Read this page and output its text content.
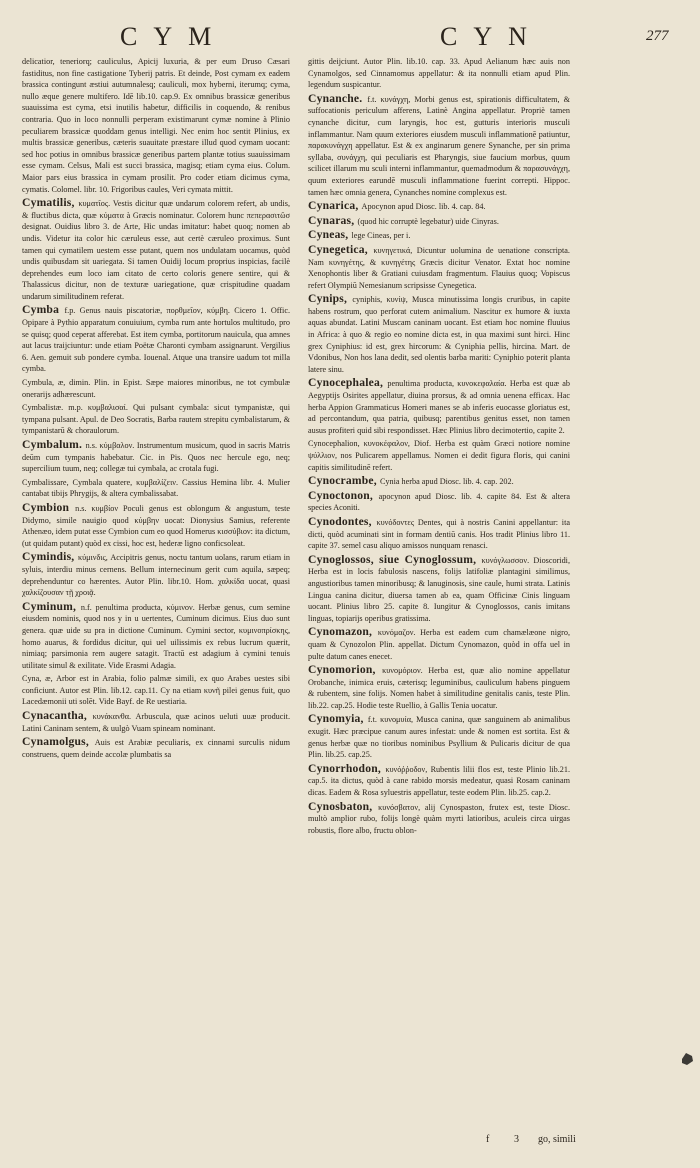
CYM	CYN	277

delicatior, teneriorq; cauliculus, Apicij luxuria, & per eum Druso Cæsari fastiditus, non fine castigatione Tyberij patris. Et deinde, Post cymam ex eadem brassica contingunt æstiui autumnalesq; cauliculi, mox hyberni, iterumq; cyma, nullo æque genere multifero. Idē lib.10. cap.9. Ex omnibus brassicæ generibus suauissima est cyma, etsi inutilis habetur, difficilis in coquendo, & renibus contraria. Quo in loco nonnulli perperam existimarunt cymæ nomine à Plinio peculiarem brassicæ quoddam genus intelligi. Nec enim hoc sentit Plinius, ex multis brassicæ generibus, cæteris suauitate præstare illud quod cymam uocant: sed hoc potius in omnibus brassicæ generibus partem plantæ totius suauissimam esse cymam. Celsus, Mali est succi brassica, magisq; etiam cyma eius. Colum. Maior pars eius brassica in cymam prosilit. Pro coder etiam dicimus cyma, cymatis. Colomel. libr. 10. Frigoribus caules, Veri cymata mittit.

Cymatilis, κυματῖος. Vestis dicitur quæ undarum colorem refert, ab undis, & fluctibus dicta, quæ κύματα à Græcis nominatur. Colorem hunc πεπερασιτῶσ designat. Ouidius libro 3. de Arte, Hic undas imitatur: habet quoq; nomen ab undis. Videtur ita color hic cæruleus esse, aut certè cæruleo proximus. Sunt tamen qui cymatilem uestem esse putant, quem nos undulatam uocamus, quòd undis quibusdam sit uariegata. Si tamen Ouidij locum proprius inspicias, facilè deprehendes eum loco iam citato de certo coloris genere sentire, qui & Thalassicus dicitur, non de texturæ uariegatione, quæ crispitudine quadam undarum similitudinem referat.

Cymba f.p. Genus nauis piscatoriæ, πορθμεῖον, κύμβη. Cicero 1. Offic. Opipare à Pythio apparatum conuiuium, cymba rum ante hortulos multitudo, pro se quisq; quod ceperat afferebat. Est item cymba, portitorum nauicula, qua amnes aut lacus traijciuntur: unde etiam Poëtæ Charonti cymbam assignarunt. Vergilius 6. Aen. gemuit sub pondere cymba. Iouenal. Atque una transire uadum tot milla cymba.

Cymbula, æ, dimin. Plin. in Epist. Sæpe maiores minoribus, ne tot cymbulæ onerarijs adhærescunt.

Cymbalistæ. m.p. κυμβαλισαί. Qui pulsant cymbala: sicut tympanistæ, qui tympana pulsant. Apul. de Deo Socratis, Barba rautem strepitu cymbalistarum, & tympanistarū & choraulorum.

Cymbalum. n.s. κύμβαλον. Instrumentum musicum, quod in sacris Matris deūm cum tympanis habebatur. Cic. in Pis. Quos nec hercule ego, neq; supercilium tuum, neq; collegæ tui cymbala, ac crotala fugi.

Cymbalissare, Cymbala quatere, κυμβαλίζειν. Cassius Hemina libr. 4. Mulier cantabat tibijs Phrygijs, & altera cymbalissabat.

Cymbion n.s. κυμβίον Poculi genus est oblongum & angustum, teste Didymo, simile nauigio quod κύμβην uocat: Dionysius Samius, referente Athenæo, idem putat esse Cymbion cum eo quod Homerus κισσύβιον: ita dictum, (ut quidam putant) quòd ex cissi, hoc est, hederæ ligno conficsoleat.

Cymindis, κύμινδις, Accipitris genus, noctu tantum uolans, rarum etiam in syluis, interdiu minus cernens. Bellum internecinum gerit cum aquila, sæpeq; deprehenduntur co hærentes. Autor Plin. libr.10. Hom. χαλκίδα uocat, quasi χαλκίζουσαν τῇ χροιᾷ.

Cyminum, n.f. penultima producta, κύμινον. Herbæ genus, cum semine eiusdem nominis, quod nos y in u uertentes, Cuminum dicimus. Eius duo sunt genera. quæ uide su pra in dictione Cuminum. Cymini sector, κυμινοπρίσκης, homo auarus, & fordidus dicitur, qui uel uilissimis ex rebus lucrum quærit, nimiaq; parsimonia rem augere satagit. Tractū est adagium à cymini tenuis utilitate simul & exilitate. Vide Erasmi Adagia.

Cyna, æ, Arbor est in Arabia, folio palmæ simili, ex quo Arabes uestes sibi conficiunt. Autor est Plin. lib.12. cap.11. Cy na etiam κυνῆ pilei genus fuit, quo Lacedæmonii uti solēt. Vide Bayf. de Re uestiaria.

Cynacantha, κυνάκανθα. Arbuscula, quæ acinos ueluti uuæ producit. Latini Caninam sentem, & uulgò Vuam spineam nominant.

Cynamolgus, Auis est Arabiæ peculiaris, ex cinnami surculis nidum construens, quem deinde accolæ plumbatis sa

gittis deijciunt. Autor Plin. lib.10. cap. 33. Apud Aelianum hæc auis non Cynamolgos, sed Cinnamomus appellatur: & ita nonnulli etiam apud Plin. legendum suspicantur.

Cynanche. f.t. κυνάγχη, Morbi genus est, spirationis difficultatem, & suffocationis periculum afferens, Latinè Angina appellatur. Propriè tamen cynanche dicitur, cum laryngis, hoc est, gutturis interioris musculi inflammantur. Nam quum exteriores eiusdem musculi inflammationē patiuntur, παρακυνάγχη appellatur. Est & ex anginarum genere Synanche, per sin prima syllaba, συνάγχη, qui peculiaris est Pharyngis, siue faucium morbus, quum scilicet illarum mu sculi interni inflammantur, quemadmodum & παρασυνάγχη, quum exteriores earundē musculi inflammatione fuerint correpti. Hippoc. tamen hæc omnia genera, Cynanches nomine complexus est.

Cynarica, Apocynon apud Diosc. lib. 4. cap. 84.

Cynaras, (quod hic corruptè legebatur) uide Cinyras.

Cyneas, lege Cineas, per i.

Cynegetica, κυνηγετικά, Dicuntur uolumina de uenatione conscripta. Nam κυνηγέτης, & κυνηγέτης Græcis dicitur Venator. Extat hoc nomine Xenophontis liber & Gratiani cuiusdam fragmentum. Flauius quoq; Vopiscus refert Olympiū Nemesianum scripsisse Cynegetica.

Cynips, cyniphis, κυνίψ, Musca minutissima longis cruribus, in capite habens rostrum, quo perforat cutem animalium. Nascitur ex humore & iuxta aquas abundat. Latini Muscam caninam uocant. Est etiam hoc nomine fluuius in Africa: à quo & regio eo nomine dicta est, in qua maximi sunt hirci. Hinc grex Cyniphius: id est, grex hircorum: & Cyniphia pellis, hircina. Mart. de Vdonibus, Non hos lana dedit, sed olentis barba mariti: Cyniphio poterit planta latere sinu.

Cynocephalea, penultima producta, κυνοκεφαλαία. Herba est quæ ab Aegyptijs Osirites appellatur, diuina prorsus, & ad omnia uenena efficax. Hac herba Appion Grammaticus Homeri manes se ab inferis euocasse gloriatus est, ad percontandum, qua patria, quibusq; parentibus genitus esset, non tamen ausus profiteri quid sibi respondisset. Hæc Plinius libro decimotertio, capite 2.

Cynocephalion, κυνοκέφαλον, Diof. Herba est quàm Græci notiore nomine ψύλλιον, nos Pulicarem appellamus. Nomen ei dedit figura floris, qui canini capitis similitudinē refert.

Cynocrambe, Cynia herba apud Diosc. lib. 4. cap. 202.

Cynoctonon, apocynon apud Diosc. lib. 4. capite 84. Est & altera species Aconiti.

Cynodontes, κυνόδοντες Dentes, qui à nostris Canini appellantur: ita dicti, quòd acuminati sint in formam dentiū canis. Hos tradit Plinius libro 11. capite 37. semel casu aliquo amissos nunquam renasci.

Cynoglossos, siue Cynoglossum, κυνόγλωσσον. Dioscoridi, Herba est in locis fabulosis nascens, folijs latifoliæ plantagini similimus, angustioribus tamen minoribusq; & lanuginosis, sine caule, humi strata. Latinis Lingua canina dicitur, diuersa tamen ab ea, quam Officinæ Cinis linguam uocant. Plinius libro 25. capite 8. Iungitur & Cynoglossos, canis imitans linguas, topiarijs operibus gratissima.

Cynomazon, κυνόμαζον. Herba est eadem cum chamælæone nigro, quam & Cynozolon Plin. appellat. Dictum Cynomazon, quòd in offa uel in pulte datum canes enecet.

Cynomorion, κυνομόριον. Herba est, quæ alio nomine appellatur Orobanche, inimica eruis, cæterisq; leguminibus, cauliculum habens pinguem & rubentem, sine folijs. Nomen habet à similitudine genitalis canis, teste Plin. lib.22. cap.25. Hodie teste Ruellio, à Gallis Tenia uocatur.

Cynomyia, f.t. κυνομυία, Musca canina, quæ sanguinem ab animalibus exugit. Hæc præcipue canum aures infestat: unde & nomen est sortita. Est & genus herbæ quæ no tioribus nominibus Psyllium & Pulicaris dicitur de qua Plin. lib.25. cap.25.

Cynorrhodon, κυνόῤῥοδον, Rubentis lilii flos est, teste Plinio lib.21. cap.5. ita dictus, quòd à cane rabido morsis medeatur, quasi Rosam caninam dicas. Eadem & Rosa syluestris appellatur, teste eodem Plin. lib.25. cap.2.

Cynosbaton, κυνόσβατον, alij Cynospaston, frutex est, teste Diosc. multò amplior rubo, folijs longè quàm myrti latioribus, aculeis circa uirgas robustis, flore albo, fructu oblon-

f 3 go, simili
